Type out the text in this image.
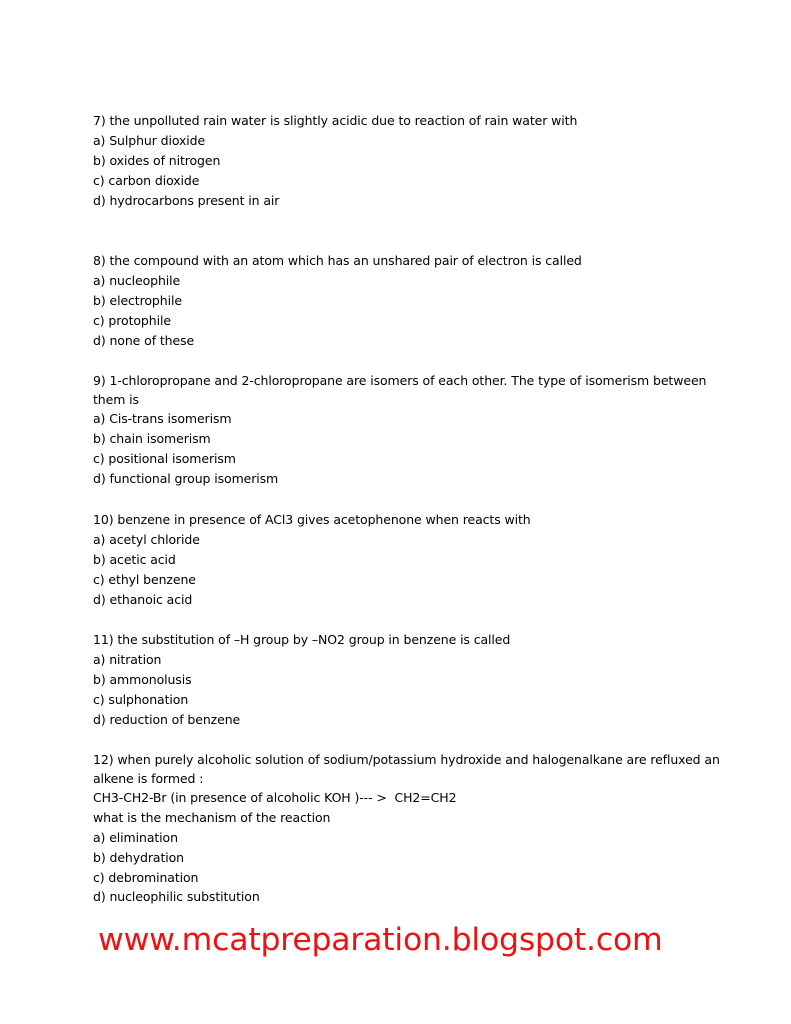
7) the unpolluted rain water is slightly acidic due to reaction of rain water with
a) Sulphur dioxide
b) oxides of nitrogen
c) carbon dioxide
d) hydrocarbons present in air
8) the compound with an atom which has an unshared pair of electron is called
a) nucleophile
b) electrophile
c) protophile
d) none of these
9) 1-chloropropane and 2-chloropropane are isomers of each other. The type of isomerism between
them is
a) Cis-trans isomerism
b) chain isomerism
c) positional isomerism
d) functional group isomerism
10) benzene in presence of ACl3 gives acetophenone when reacts with
a) acetyl chloride
b) acetic acid
c) ethyl benzene
d) ethanoic acid
11) the substitution of –H group by –NO2 group in benzene is called
a) nitration
b) ammonolusis
c) sulphonation
d) reduction of benzene
12) when purely alcoholic solution of sodium/potassium hydroxide and halogenalkane are refluxed an
alkene is formed :
CH3-CH2-Br (in presence of alcoholic KOH )--- >  CH2=CH2
what is the mechanism of the reaction
a) elimination
b) dehydration
c) debromination
d) nucleophilic substitution
www.mcatpreparation.blogspot.com
